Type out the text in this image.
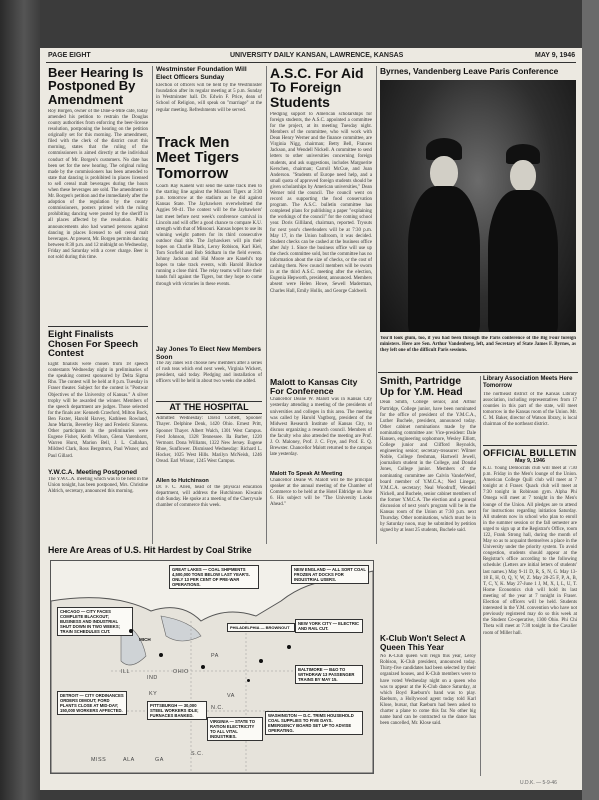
PAGE EIGHT	UNIVERSITY DAILY KANSAN, LAWRENCE, KANSAS	MAY 9, 1946
Beer Hearing Is Postponed By Amendment
Roy Borgen, owner of the Dine-a-Mite cafe, today amended his petition to restrain the Douglas county authorities from enforcing the beer-license resolution, postponing the hearing on the petition originally set for this morning. The amendment, filed with the clerk of the district court this morning, states that the ruling of the commissioners is aimed directly at the individual conduct of Mr. Borgen's customers. No date has been set for the new hearing. The original ruling made by the commissioners has been amended to state that dancing is prohibited in places licensed to sell cereal malt beverages during the hours when these beverages are sold. The amendment to Mr. Borgen's petition and the immediately after the adoption of the regulation by the county commissioners, posters printed with the ruling prohibiting dancing were posted by the sheriff in all places affected by the resolution. Public announcements also had warned persons against dancing in places licensed to sell cereal malt beverages. At present, Mr. Borgen permits dancing between 8:30 p.m. and 12 midnight on Wednesday, Friday and Saturday with a cover charge. Beer is not sold during this time.
Eight Finalists Chosen For Speech Contest
Eight finalists were chosen from 18 speech contestants Wednesday night in preliminaries of the speaking contest sponsored by Delta Sigma Rho. The contest will be held at 8 p.m. Tuesday in Fraser theater. Subject for the contest is "Postwar Objectives of the University of Kansas." A silver trophy will be awarded the winner. Members of the speech department are judges. Those selected for the finals are: Kenneth Crawford, Milton Bock, Ben Faxter, Harold Harvey, Kathleen Rowland, June Marrin, Beverley Hoy and Frederic Slavens. Other participants in the preliminaries were Eugene Fisher, Keith Wilson, Glenn Varenhorst, Warren Hurst, Marion Bell, J. L. Callahan, Mildred Clark, Ross Bergstrom, Paul Wisner, and Paul Gillard.
Y.W.C.A. Meeting Postponed
The Y.W.C.A. meeting which was to be held in the Union tonight, has been postponed, Mrs. Christine Aldrich, secretary, announced this morning.
Westminster Foundation Will Elect Officers Sunday
Election of officers will be held by the Westminster foundation after its regular meeting at 5 p.m. Sunday in Westminster hall. Dr. Edwin F. Price, dean of School of Religion, will speak on "marriage" at the regular meeting. Refreshments will be served.
Track Men Meet Tigers Tomorrow
Coach Ray Kanehl will send the same track men to the starting line against the Missouri Tigers at 3:30 p.m. tomorrow at the stadium as he did against Kansas State. The Jayhawkers overwhelmed the Aggies 90-41. The contest will be the Jayhawkers' last meet before next week's conference carnival in Lincoln and will offer a good chance to compare K.U. strength with that of Missouri. Kansas hopes to use its winning weight pattern for its third consecutive outdoor dual title. The Jayhawkers will pin their hopes on Charlie Black, Leroy Robison, Karl Kiel, Tom Scofield and Bob Stidham in the field events. Johnny Jackson and Hal Moore are Kanehl's top hopes to take track events, with Harold Bischoe running a close third. The relay teams will have their hands full against the Tigers, but they hope to come through with victories in these events.
Jay Jones To Elect New Members Soon
The Jay Janes will choose new members after a series of rush teas which end next week, Virginia Wickert, president, said today. Pledging and installation of officers will be held in about two weeks she added.
AT THE HOSPITAL
Admitted Wednesday: David Corbett, Spooner Thayer. Delphine Denk, 1420 Ohio. Ernest Pritt, Spooner Thayer. Albert Walch, 1301 West Campus. Fred Johnson, 1328 Tennessee. Ila Barber, 1220 Vermont. Dona Williams, 1322 New Jersey. Eugene Rhoe, Sunflower. Dismissed Wednesday: Richard L. Hocker, 1025 West Hills. Marilyn McNeish, 1246 Oread. Earl Winsor, 1245 West Campus.
Allen to Hutchinson
Dr. F. C. Allen, head of the physical education department, will address the Hutchinson Kiwanis club Sunday. He spoke at a meeting of the Cherryvale chamber of commerce this week.
A.S.C. For Aid To Foreign Students
Pledging support to American scholarships for foreign students, the A.S.C. appointed a committee for the project, at its meeting Tuesday night. Members of the committee, who will work with Dean Henry Werner and the finance committee, are Virginia Nigg, chairman; Betty Bell, Frances Jackson, and Wendell Nickell. A committee to send letters to other universities concerning foreign students, and ask suggestions, includes Marguerite Kerschen, chairman; Carroll McCue, and Joan Anderson. "Students of Europe need help, and a small quota of approved foreign students should be given scholarships by American universities," Dean Werner told the council. The council went on record as supporting the food conservation program. The A.S.C. bulletin committee has completed plans for publishing a paper "explaining the workings of the council" for the coming school year. Doris Gilliland, chairman, reported. Tryouts for next year's cheerleaders will be at 7:30 p.m. May 17, in the Union ballroom, it was decided. Student checks can be cashed at the business office after July 1. Since the business office will use up the check committee sold, but the committee has no information about the size of checks, or the cost of cashing them. New council members will be sworn in at the third A.S.C. meeting after the election, Eugenia Hepworth, president, announced. Members absent were Helen Howe, Sewell Maderman, Charles Hall, Emily Hollis, and George Caldwell.
Malott to Kansas City For Conference
Chancellor Deane W. Malott was in Kansas City yesterday attending a meeting of the presidents of universities and colleges in this area. The meeting was called by Harold Vagtborg, president of the Midwest Research Institute of Kansas City, to discuss organizing a research council. Members of the faculty who also attended the meeting are Prof. J. O. Maloney, Prof. J. C. Frye, and Prof. E. Q. Brewster. Chancellor Malott returned to the campus late yesterday.
Malott To Speak At Meeting
Chancellor Deane W. Malott will be the principal speaker at the annual meeting of the Chamber of Commerce to be held at the Hotel Eldridge on June 6. His subject will be "The University Looks Ahead."
Byrnes, Vandenberg Leave Paris Conference
You'll look glum, too, if you had been through the Paris conference of the Big Four foreign ministers. Here are Sen. Arthur Vandenberg, left, and Secretary of State James F. Byrnes, as they left one of the difficult Paris sessions.
Smith, Partridge Up for Y.M. Head
Dean Smith, College senior, and Arthur Partridge, College junior, have been nominated for the office of president of the Y.M.C.A., Luther Buchele, president, announced today. Other cabinet nominations made by the nominating committee are: Vice-president: Dale Hansen, engineering sophomore, Wesley Elliott, College junior and Clifford Reynolds, engineering senior; secretary-treasurer: Wilmer Noble, College freshman, Hartwell Jewell, journalism student in the College, and Donald Jones, College junior. Members of the nominating committee are Calvin VanderWerf, board member of Y.M.C.A.; Ned Linegar, Y.M.C.A. secretary; Neal Woodruff, Wendell Nickell, and Buchele, senior cabinet members of the former Y.M.C.A. The election and a general discussion of next year's program will be in the Kansas room of the Union at 7:30 p.m. next Thursday. Other nominations, which must be in by Saturday noon, may be submitted by petition signed by at least 25 students, Buchele said.
K-Club Won't Select A Queen This Year
No K-Club queen will reign this year, Leroy Robison, K-Club president, announced today. Thirty-five candidates had been selected by their organized houses, and K-Club members were to have voted Wednesday night on a queen who was to appear at the K-Club dance Saturday, at which Boyd Raeburn's band was to play. Raeburn, a Hollywood agent today told Karl Klose, bursar, that Raeburn had been asked to charter a plane to come this far. No other big name band can be contracted so the dance has been cancelled, Mr. Klose said.
Library Association Meets Here Tomorrow
The northeast district of the Kansas Library association, including representatives from 17 counties in this part of the state, will meet tomorrow in the Kansas room of the Union. Mr. C. M. Baker, director of Watson library, is local chairman of the northeast district.
OFFICIAL BULLETIN
May 9, 1946
K.U. Young Democrats club will meet at 7:30 p.m. Friday in the Men's lounge of the Union. American College Quill club will meet at 7 tonight at 4 Fraser. Quack club will meet at 7:30 tonight in Robinson gym. Alpha Phi Omega will meet at 7 tonight in the Men's lounge of the Union. All pledges are to attend for instructions regarding initiation Saturday. All students now in school who plan to enroll in the summer session or the fall semester are urged to sign up at the Registrar's Office, room 122, Frank Strong hall, during the month of May so as to acquaint themselves a place in the University under the priority system. To avoid congestion, students should appear at the Registrar's office according to the following schedule: (Letters are initial letters of students' last names.) May 9-11 D, R, S, N, G. May 13-18 E, H, O, Q, V, W, Z. May 20-25 F, P, A, B, T, C, Y, K. May 27-June 1 J, M, X, I, L, U, T. Home Economics club will hold its last meeting of the year at 7 tonight in Fraser. Election of officers will be held. Students interested in the Y.M. convention who have not previously registered may do so this week at the Student Co-operative, 1300 Ohio. Phi Chi Theta will meet at 7:30 tonight in the Cavalier room of Miller hall.
Here Are Areas of U.S. Hit Hardest by Coal Strike
GREAT LAKES — COAL SHIPMENTS 4,500,000 TONS BELOW LAST YEAR'S. ONLY 13 PER CENT OF PRE-WAR OPERATIONS.
CHICAGO — CITY FACES COMPLETE BLACKOUT; BUSINESS AND INDUSTRIAL SHUT DOWN IN TWO WEEKS; TRAIN SCHEDULES CUT.
NEW ENGLAND — ALL SORT COAL FROZEN AT DOCKS FOR INDUSTRIAL USERS.
MICH
PHILADELPHIA — BROWNOUT
NEW YORK CITY — ELECTRIC AND RAIL CUT.
DETROIT — CITY ORDINANCES ORDERS DIMOUT; FORD PLANTS CLOSE AT MID-DAY; 150,000 WORKERS AFFECTED.
PITTSBURGH — 30,000 STEEL WORKERS IDLE; FURNACES BANKED.
BALTIMORE — B&O TO WITHDRAW 13 PASSENGER TRAINS BY MAY 15.
VIRGINIA — STATE TO RATION ELECTRICITY TO ALL VITAL INDUSTRIES.
WASHINGTON — D.C. TRIMS HOUSEHOLD COAL SUPPLIES TO FIVE DAYS. EMERGENCY BOARD SET UP TO ADVISE OPERATING.
PA
OHIO
IND
ILL
KY
MISS	ALA	GA
S.C.
N.C.
VA
U.D.K. — 5-9-46
